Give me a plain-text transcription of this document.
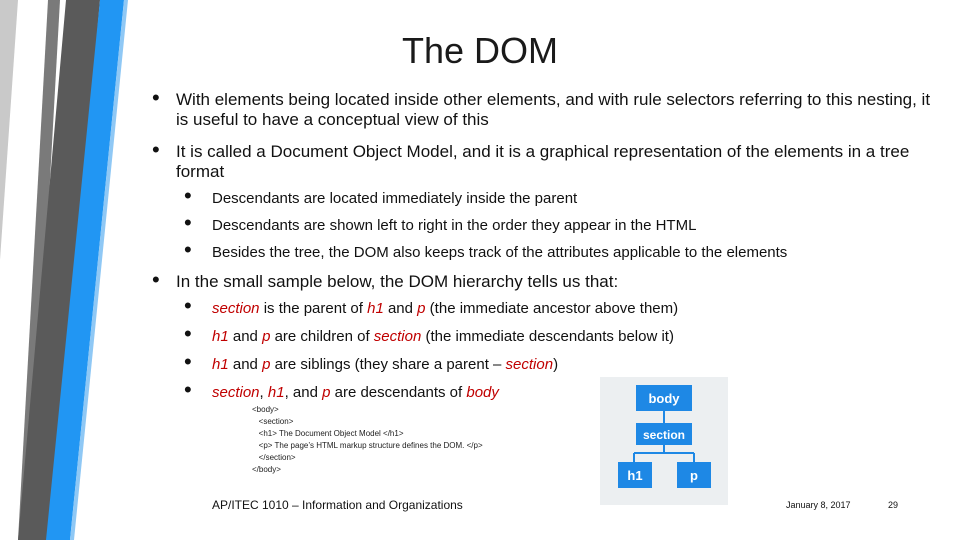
The DOM
• With elements being located inside other elements, and with rule selectors referring to this nesting, it is useful to have a conceptual view of this
• It is called a Document Object Model, and it is a graphical representation of the elements in a tree format
• Descendants are located immediately inside the parent
• Descendants are shown left to right in the order they appear in the HTML
• Besides the tree, the DOM also keeps track of the attributes applicable to the elements
• In the small sample below, the DOM hierarchy tells us that:
• section is the parent of h1 and p (the immediate ancestor above them)
• h1 and p are children of section (the immediate descendants below it)
• h1 and p are siblings (they share a parent – section)
• section, h1, and p are descendants of body
<body>
<section>
<h1> The Document Object Model </h1>
<p> The page’s HTML markup structure defines the DOM. </p>
</section>
</body>
body
section
h1	p
AP/ITEC 1010 – Information and Organizations	January 8, 2017	29
